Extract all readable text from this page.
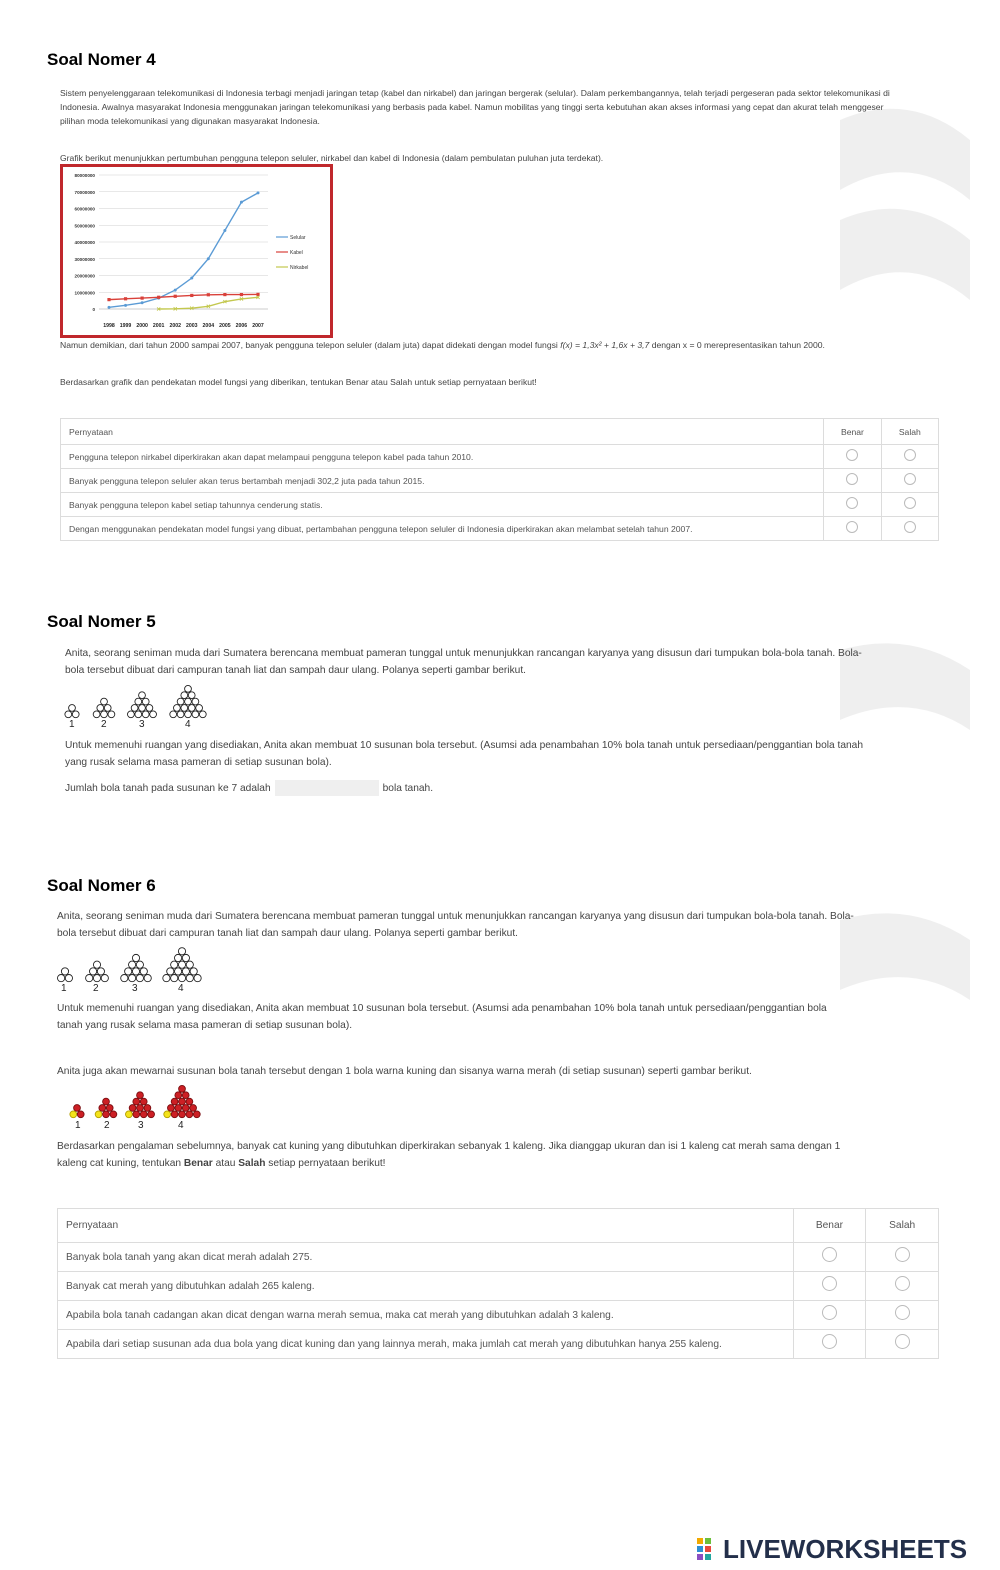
Soal Nomer 4
Sistem penyelenggaraan telekomunikasi di Indonesia terbagi menjadi jaringan tetap (kabel dan nirkabel) dan jaringan bergerak (selular). Dalam perkembangannya, telah terjadi pergeseran pada sektor telekomunikasi di
Indonesia. Awalnya masyarakat Indonesia menggunakan jaringan telekomunikasi yang berbasis pada kabel. Namun mobilitas yang tinggi serta kebutuhan akan akses informasi yang cepat dan akurat telah menggeser
pilihan moda telekomunikasi yang digunakan masyarakat Indonesia.
Grafik berikut menunjukkan pertumbuhan pengguna telepon seluler, nirkabel dan kabel di Indonesia (dalam pembulatan puluhan juta terdekat).
80000000
70000000
60000000
50000000
40000000
30000000
20000000
10000000
0
1998 1999 2000 2001 2002 2003 2004 2005 2006 2007
Selular
Kabel
Nirkabel
Namun demikian, dari tahun 2000 sampai 2007, banyak pengguna telepon seluler (dalam juta) dapat didekati dengan model fungsi f(x) = 1,3x² + 1,6x + 3,7 dengan x = 0 merepresentasikan tahun 2000.
Berdasarkan grafik dan pendekatan model fungsi yang diberikan, tentukan Benar atau Salah untuk setiap pernyataan berikut!
Pernyataan	Benar	Salah
Pengguna telepon nirkabel diperkirakan akan dapat melampaui pengguna telepon kabel pada tahun 2010.		
Banyak pengguna telepon seluler akan terus bertambah menjadi 302,2 juta pada tahun 2015.		
Banyak pengguna telepon kabel setiap tahunnya cenderung statis.		
Dengan menggunakan pendekatan model fungsi yang dibuat, pertambahan pengguna telepon seluler di Indonesia diperkirakan akan melambat setelah tahun 2007.		
Soal Nomer 5
Anita, seorang seniman muda dari Sumatera berencana membuat pameran tunggal untuk menunjukkan rancangan karyanya yang disusun dari tumpukan bola-bola tanah. Bola-
bola tersebut dibuat dari campuran tanah liat dan sampah daur ulang. Polanya seperti gambar berikut.
1	2	3	4
Untuk memenuhi ruangan yang disediakan, Anita akan membuat 10 susunan bola tersebut. (Asumsi ada penambahan 10% bola tanah untuk persediaan/penggantian bola tanah
yang rusak selama masa pameran di setiap susunan bola).
Jumlah bola tanah pada susunan ke 7 adalah	bola tanah.
Soal Nomer 6
Anita, seorang seniman muda dari Sumatera berencana membuat pameran tunggal untuk menunjukkan rancangan karyanya yang disusun dari tumpukan bola-bola tanah. Bola-
bola tersebut dibuat dari campuran tanah liat dan sampah daur ulang. Polanya seperti gambar berikut.
1	2	3	4
Untuk memenuhi ruangan yang disediakan, Anita akan membuat 10 susunan bola tersebut. (Asumsi ada penambahan 10% bola tanah untuk persediaan/penggantian bola
tanah yang rusak selama masa pameran di setiap susunan bola).
Anita juga akan mewarnai susunan bola tanah tersebut dengan 1 bola warna kuning dan sisanya warna merah (di setiap susunan) seperti gambar berikut.
1 2	3	4
Berdasarkan pengalaman sebelumnya, banyak cat kuning yang dibutuhkan diperkirakan sebanyak 1 kaleng. Jika dianggap ukuran dan isi 1 kaleng cat merah sama dengan 1
kaleng cat kuning, tentukan Benar atau Salah setiap pernyataan berikut!
Pernyataan	Benar	Salah
Banyak bola tanah yang akan dicat merah adalah 275.		
Banyak cat merah yang dibutuhkan adalah 265 kaleng.		
Apabila bola tanah cadangan akan dicat dengan warna merah semua, maka cat merah yang dibutuhkan adalah 3 kaleng.		
Apabila dari setiap susunan ada dua bola yang dicat kuning dan yang lainnya merah, maka jumlah cat merah yang dibutuhkan hanya 255 kaleng.		
LIVEWORKSHEETS
